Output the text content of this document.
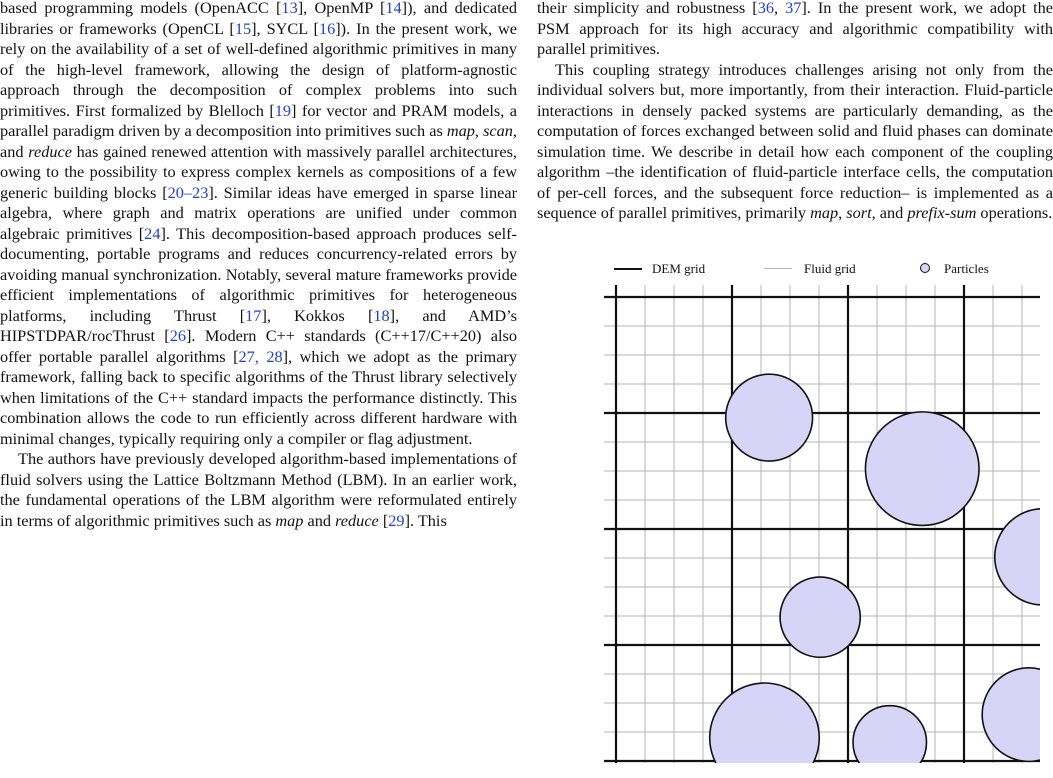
based programming models (OpenACC [13], OpenMP [14]), and dedicated libraries or frameworks (OpenCL [15], SYCL [16]). In the present work, we rely on the availability of a set of well-defined algorithmic primitives in many of the high-level framework, allowing the design of platform-agnostic approach through the decomposition of complex problems into such primitives. First formalized by Blelloch [19] for vector and PRAM models, a parallel paradigm driven by a decomposition into primitives such as map, scan, and reduce has gained renewed attention with massively parallel architectures, owing to the possibility to express complex kernels as compositions of a few generic building blocks [20–23]. Similar ideas have emerged in sparse linear algebra, where graph and matrix operations are unified under common algebraic primitives [24]. This decomposition-based approach produces self-documenting, portable programs and reduces concurrency-related errors by avoiding manual synchronization. Notably, several mature frameworks provide efficient implementations of algorithmic primitives for heterogeneous platforms, including Thrust [17], Kokkos [18], and AMD’s HIPSTDPAR/rocThrust [26]. Modern C++ standards (C++17/C++20) also offer portable parallel algorithms [27, 28], which we adopt as the primary framework, falling back to specific algorithms of the Thrust library selectively when limitations of the C++ standard impacts the performance distinctly. This combination allows the code to run efficiently across different hardware with minimal changes, typically requiring only a compiler or flag adjustment.

The authors have previously developed algorithm-based implementations of fluid solvers using the Lattice Boltzmann Method (LBM). In an earlier work, the fundamental operations of the LBM algorithm were reformulated entirely in terms of algorithmic primitives such as map and reduce [29]. This

their simplicity and robustness [36, 37]. In the present work, we adopt the PSM approach for its high accuracy and algorithmic compatibility with parallel primitives.

This coupling strategy introduces challenges arising not only from the individual solvers but, more importantly, from their interaction. Fluid-particle interactions in densely packed systems are particularly demanding, as the computation of forces exchanged between solid and fluid phases can dominate simulation time. We describe in detail how each component of the coupling algorithm –the identification of fluid-particle interface cells, the computation of per-cell forces, and the subsequent force reduction– is implemented as a sequence of parallel primitives, primarily map, sort, and prefix-sum operations.

DEM grid	Fluid grid	Particles
